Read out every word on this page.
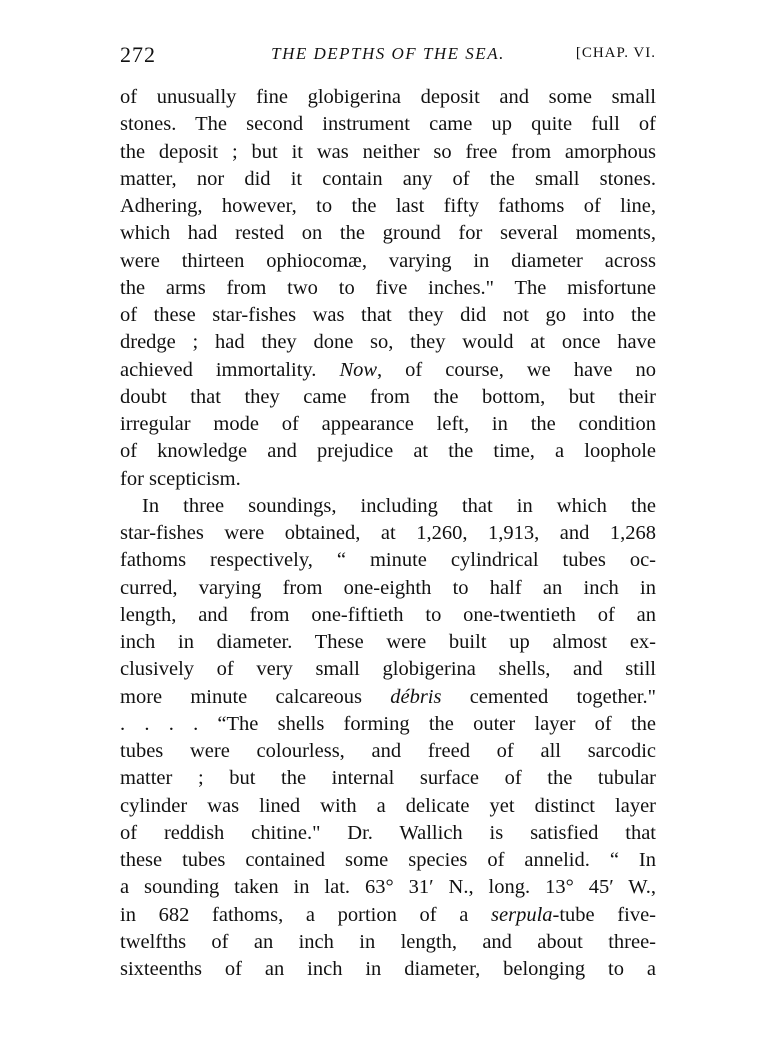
272	THE DEPTHS OF THE SEA.	[CHAP. VI.
of unusually fine globigerina deposit and some small
stones. The second instrument came up quite full of
the deposit ; but it was neither so free from amorphous
matter, nor did it contain any of the small stones.
Adhering, however, to the last fifty fathoms of line,
which had rested on the ground for several moments,
were thirteen ophiocomæ, varying in diameter across
the arms from two to five inches." The misfortune
of these star-fishes was that they did not go into the
dredge ; had they done so, they would at once have
achieved immortality. Now, of course, we have no
doubt that they came from the bottom, but their
irregular mode of appearance left, in the condition
of knowledge and prejudice at the time, a loophole
for scepticism.
In three soundings, including that in which the
star-fishes were obtained, at 1,260, 1,913, and 1,268
fathoms respectively, “ minute cylindrical tubes oc-
curred, varying from one-eighth to half an inch in
length, and from one-fiftieth to one-twentieth of an
inch in diameter. These were built up almost ex-
clusively of very small globigerina shells, and still
more minute calcareous débris cemented together."
. . . . “The shells forming the outer layer of the
tubes were colourless, and freed of all sarcodic
matter ; but the internal surface of the tubular
cylinder was lined with a delicate yet distinct layer
of reddish chitine." Dr. Wallich is satisfied that
these tubes contained some species of annelid. “ In
a sounding taken in lat. 63° 31′ N., long. 13° 45′ W.,
in 682 fathoms, a portion of a serpula-tube five-
twelfths of an inch in length, and about three-
sixteenths of an inch in diameter, belonging to a
